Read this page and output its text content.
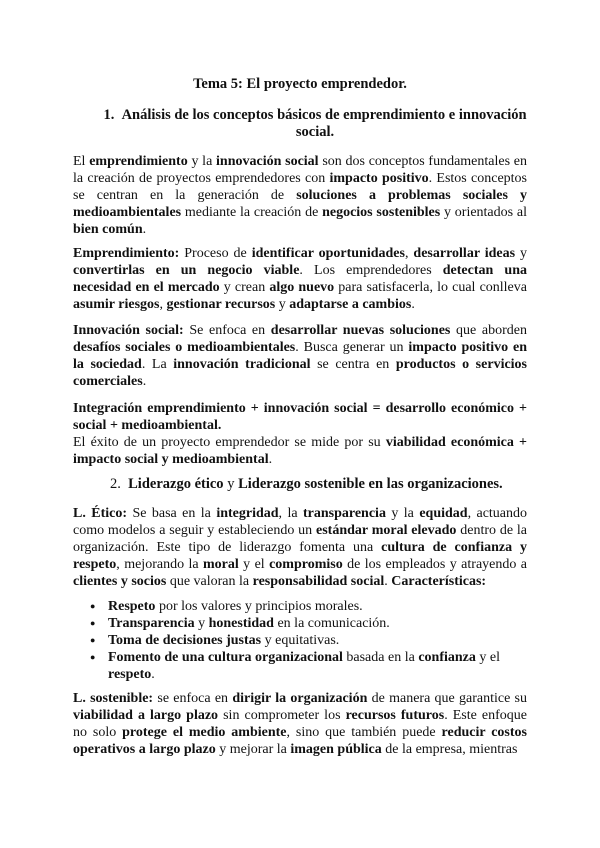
Tema 5: El proyecto emprendedor.
1. Análisis de los conceptos básicos de emprendimiento e innovación social.
El emprendimiento y la innovación social son dos conceptos fundamentales en la creación de proyectos emprendedores con impacto positivo. Estos conceptos se centran en la generación de soluciones a problemas sociales y medioambientales mediante la creación de negocios sostenibles y orientados al bien común.
Emprendimiento: Proceso de identificar oportunidades, desarrollar ideas y convertirlas en un negocio viable. Los emprendedores detectan una necesidad en el mercado y crean algo nuevo para satisfacerla, lo cual conlleva asumir riesgos, gestionar recursos y adaptarse a cambios.
Innovación social: Se enfoca en desarrollar nuevas soluciones que aborden desafíos sociales o medioambientales. Busca generar un impacto positivo en la sociedad. La innovación tradicional se centra en productos o servicios comerciales.
Integración emprendimiento + innovación social = desarrollo económico + social + medioambiental.
El éxito de un proyecto emprendedor se mide por su viabilidad económica + impacto social y medioambiental.
2. Liderazgo ético y Liderazgo sostenible en las organizaciones.
L. Ético: Se basa en la integridad, la transparencia y la equidad, actuando como modelos a seguir y estableciendo un estándar moral elevado dentro de la organización. Este tipo de liderazgo fomenta una cultura de confianza y respeto, mejorando la moral y el compromiso de los empleados y atrayendo a clientes y socios que valoran la responsabilidad social. Características:
● Respeto por los valores y principios morales.
● Transparencia y honestidad en la comunicación.
● Toma de decisiones justas y equitativas.
● Fomento de una cultura organizacional basada en la confianza y el respeto.
L. sostenible: se enfoca en dirigir la organización de manera que garantice su viabilidad a largo plazo sin comprometer los recursos futuros. Este enfoque no solo protege el medio ambiente, sino que también puede reducir costos operativos a largo plazo y mejorar la imagen pública de la empresa, mientras
